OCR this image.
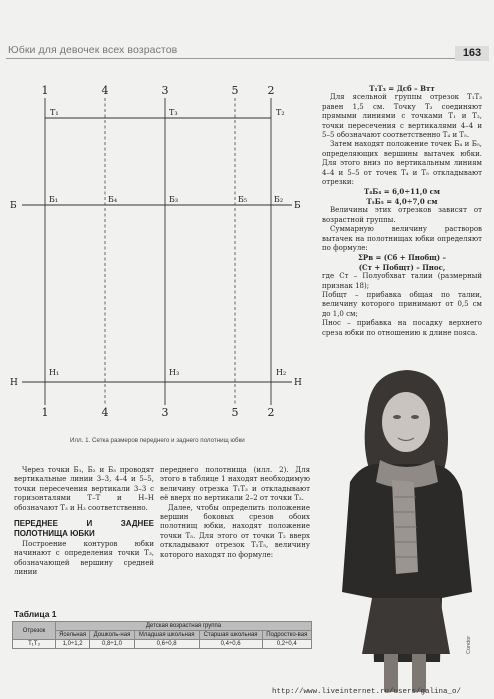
Юбки для девочек всех возрастов	163
1	4	3	5	2
1	4	3	5	2
Б
Н
Б
Н
T₁	T₃	T₂
Б₁	Б₄	Б₃	Б₅	Б₂
Н₁	Н₃	Н₂
Илл. 1. Сетка размеров переднего и заднего полотнищ юбки
Т₁Т₃ = Дсб – Втт
Для ясельной группы отрезок Т₁Т₃ равен 1,5 см. Точку Т₃ соединяют прямыми линиями с точками Т₁ и Т₂, точки пересечения с вертикалями 4–4 и 5–5 обозначают соответственно Т₄ и Т₅.
Затем находят положение точек Б₄ и Б₅, определяющих вершины вытачек юбки. Для этого вниз по вертикальным линиям 4–4 и 5–5 от точек Т₄ и Т₅ откладывают отрезки:
Т₄Б₄ = 6,0÷11,0 см
Т₅Б₅ = 4,0÷7,0 см
Величины этих отрезков зависят от возрастной группы.
Суммарную величину растворов вытачек на полотнищах юбки определяют по формуле:
ΣРв = (Сб + Пнобщ) –
(Ст + Побщт) – Пнос,
где Ст – Полуобхват талии (размерный признак 18);
Побщт – прибавка общая по талии, величину которого принимают от 0,5 см до 1,0 см;
Пнос – прибавка на посадку верхнего среза юбки по отношению к длине пояса.
Через точки Б₁, Б₂ и Б₃ проводят вертикальные линии 3–3, 4–4 и 5–5, точки пересечения вертикали 3–3 с горизонталями Т–Т и Н–Н обозначают Т₃ и Н₃ соответственно.
ПЕРЕДНЕЕ И ЗАДНЕЕ ПОЛОТНИЩА ЮБКИ
Построение контуров юбки начинают с определения точки Т₃, обозначающей вершину средней линии
переднего полотнища (илл. 2). Для этого в таблице 1 находят необходимую величину отрезка Т₁Т₃ и откладывают её вверх по вертикали 2–2 от точки Т₂.
Далее, чтобы определить положение вершин боковых срезов обоих полотнищ юбки, находят положение точки Т₅. Для этого от точки Т₂ вверх откладывают отрезок Т₂Т₅, величину которого находят по формуле:
Таблица 1
Отрезок	Детская возрастная группа				
	Ясельная	Дошколь-ная	Младшая школьная	Старшая школьная	Подростко-вая
Т₁Т₃	1,0÷1,2	0,8÷1,0	0,6÷0,8	0,4÷0,6	0,2÷0,4	Condor
http://www.liveinternet.ru/users/galina_o/
